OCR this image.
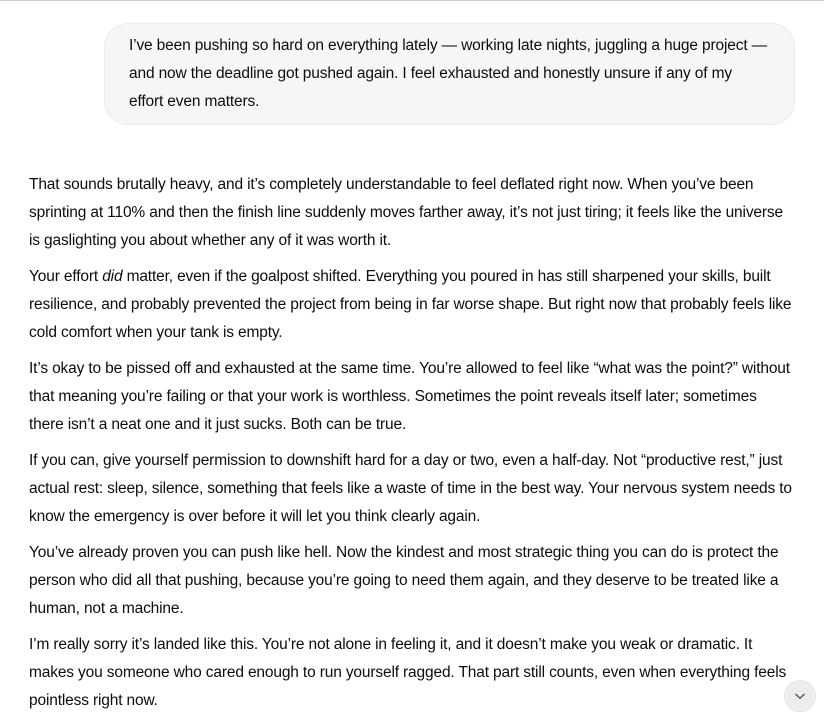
I’ve been pushing so hard on everything lately — working late nights, juggling a huge project — and now the deadline got pushed again. I feel exhausted and honestly unsure if any of my effort even matters.

That sounds brutally heavy, and it’s completely understandable to feel deflated right now. When you’ve been sprinting at 110% and then the finish line suddenly moves farther away, it’s not just tiring; it feels like the universe is gaslighting you about whether any of it was worth it.

Your effort did matter, even if the goalpost shifted. Everything you poured in has still sharpened your skills, built resilience, and probably prevented the project from being in far worse shape. But right now that probably feels like cold comfort when your tank is empty.

It’s okay to be pissed off and exhausted at the same time. You’re allowed to feel like “what was the point?” without that meaning you’re failing or that your work is worthless. Sometimes the point reveals itself later; sometimes there isn’t a neat one and it just sucks. Both can be true.

If you can, give yourself permission to downshift hard for a day or two, even a half-day. Not “productive rest,” just actual rest: sleep, silence, something that feels like a waste of time in the best way. Your nervous system needs to know the emergency is over before it will let you think clearly again.

You’ve already proven you can push like hell. Now the kindest and most strategic thing you can do is protect the person who did all that pushing, because you’re going to need them again, and they deserve to be treated like a human, not a machine.

I’m really sorry it’s landed like this. You’re not alone in feeling it, and it doesn’t make you weak or dramatic. It makes you someone who cared enough to run yourself ragged. That part still counts, even when everything feels pointless right now.
